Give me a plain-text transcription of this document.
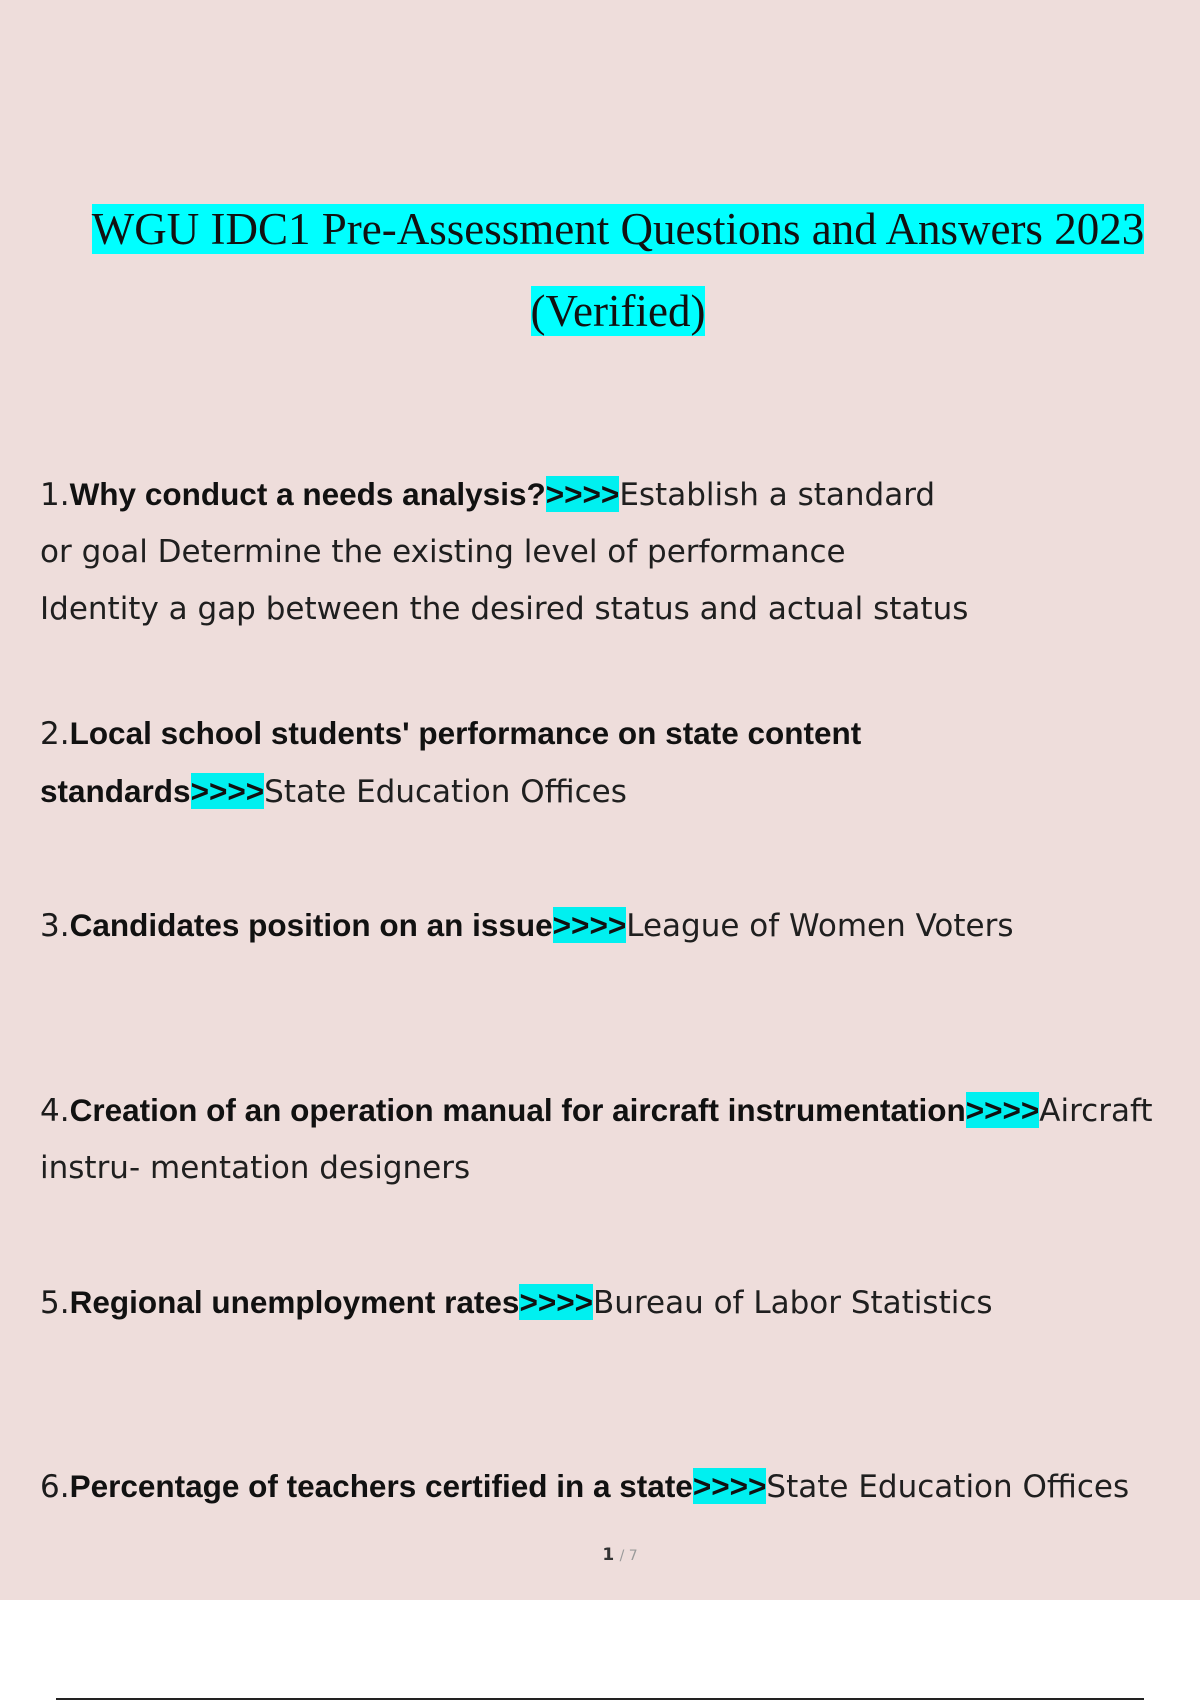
WGU IDC1 Pre-Assessment Questions and Answers 2023
(Verified)
1.Why conduct a needs analysis?>>>>Establish a standard
or goal Determine the existing level of performance
Identity a gap between the desired status and actual status
2.Local school students' performance on state content
standards>>>>State Education Offices
3.Candidates position on an issue>>>>League of Women Voters
4.Creation of an operation manual for aircraft instrumentation>>>>Aircraft
instru- mentation designers
5.Regional unemployment rates>>>>Bureau of Labor Statistics
6.Percentage of teachers certified in a state>>>>State Education Offices
1 / 7
